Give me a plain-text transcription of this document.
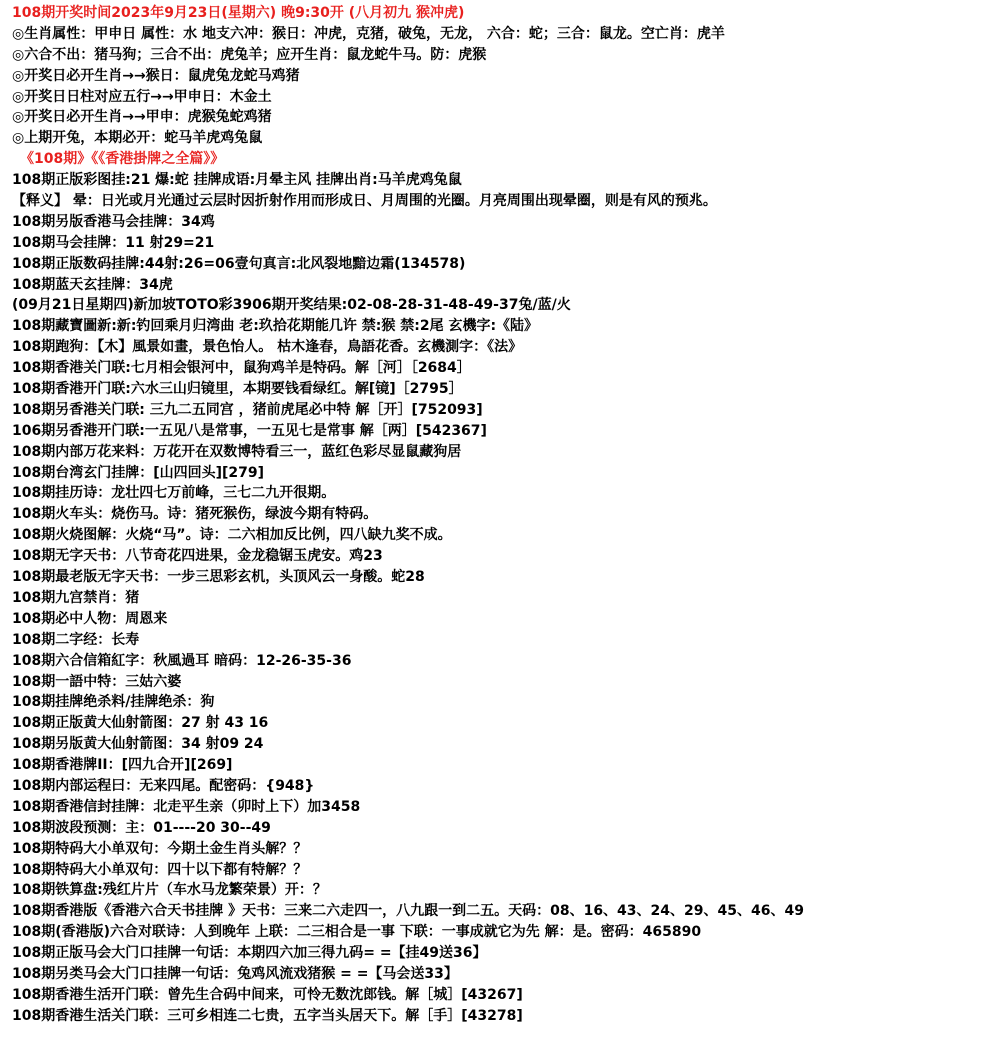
108期开奖时间2023年9月23日(星期六) 晚9:30开 (八月初九 猴冲虎)
◎生肖属性：甲申日 属性：水 地支六冲：猴日：冲虎，克猪，破兔，无龙， 六合：蛇；三合：鼠龙。空亡肖：虎羊
◎六合不出：猪马狗；三合不出：虎兔羊；应开生肖：鼠龙蛇牛马。防：虎猴
◎开奖日必开生肖→→猴日：鼠虎兔龙蛇马鸡猪
◎开奖日日柱对应五行→→甲申日：木金土
◎开奖日必开生肖→→甲申：虎猴兔蛇鸡猪
◎上期开兔，本期必开：蛇马羊虎鸡兔鼠
《108期》《《香港掛牌之全篇》》
108期正版彩图挂:21 爆:蛇 挂牌成语:月晕主风 挂牌出肖:马羊虎鸡兔鼠
【释义】 晕：日光或月光通过云层时因折射作用而形成日、月周围的光圈。月亮周围出现晕圈，则是有风的预兆。
108期另版香港马会挂牌：34鸡
108期马会挂牌：11 射29=21
108期正版数码挂牌:44射:26=06壹句真言:北风裂地黯边霜(134578)
108期蓝天玄挂牌：34虎
(09月21日星期四)新加坡TOTO彩3906期开奖结果:02-08-28-31-48-49-37兔/蓝/火
108期藏寶圖新:新:钓回乘月归湾曲 老:玖拾花期能几许 禁:猴 禁:2尾 玄機字:《陆》
108期跑狗：【木】風景如畫，景色怡人。 枯木逢春，鳥語花香。玄機測字：《法》
108期香港关门联:七月相会银河中，鼠狗鸡羊是特码。解［河］［2684］
108期香港开门联:六水三山归镜里，本期要钱看绿红。解[镜]［2795］
108期另香港关门联: 三九二五同宫 ，猪前虎尾必中特 解［开］[752093]
106期另香港开门联:一五见八是常事，一五见七是常事 解［两］[542367]
108期内部万花来料：万花开在双数博特看三一，蓝红色彩尽显鼠藏狗居
108期台湾玄门挂牌：[山四回头][279]
108期挂历诗：龙壮四七万前峰，三七二九开很期。
108期火车头：烧伤马。诗：猪死猴伤，绿波今期有特码。
108期火烧图解：火烧“马”。诗：二六相加反比例，四八缺九奖不成。
108期无字天书：八节奇花四进果，金龙稳锯玉虎安。鸡23
108期最老版无字天书：一步三思彩玄机，头顶风云一身酸。蛇28
108期九宫禁肖：猪
108期必中人物：周恩来
108期二字经：长寿
108期六合信箱紅字：秋風過耳 暗码：12-26-35-36
108期一語中特：三姑六婆
108期挂牌绝杀料/挂牌绝杀：狗
108期正版黄大仙射箭图：27 射 43 16
108期另版黄大仙射箭图：34 射09 24
108期香港牌II：[四九合开][269]
108期内部运程曰：无来四尾。配密码：{948}
108期香港信封挂牌：北走平生亲（卯时上下）加3458
108期波段预测：主：01----20 30--49
108期特码大小单双句：今期土金生肖头解？？
108期特码大小单双句：四十以下都有特解？？
108期铁算盘:残红片片（车水马龙繁荣景）开：？
108期香港版《香港六合天书挂牌 》天书：三来二六走四一，八九跟一到二五。天码：08、16、43、24、29、45、46、49
108期(香港版)六合对联诗：人到晚年 上联：二三相合是一事 下联：一事成就它为先 解：是。密码：465890
108期正版马会大门口挂牌一句话：本期四六加三得九码= =【挂49送36】
108期另类马会大门口挂牌一句话：兔鸡风流戏猪猴 = =【马会送33】
108期香港生活开门联：曾先生合码中间来，可怜无数沈郎钱。解［城］[43267]
108期香港生活关门联：三可乡相连二七贵，五字当头居天下。解［手］[43278]
